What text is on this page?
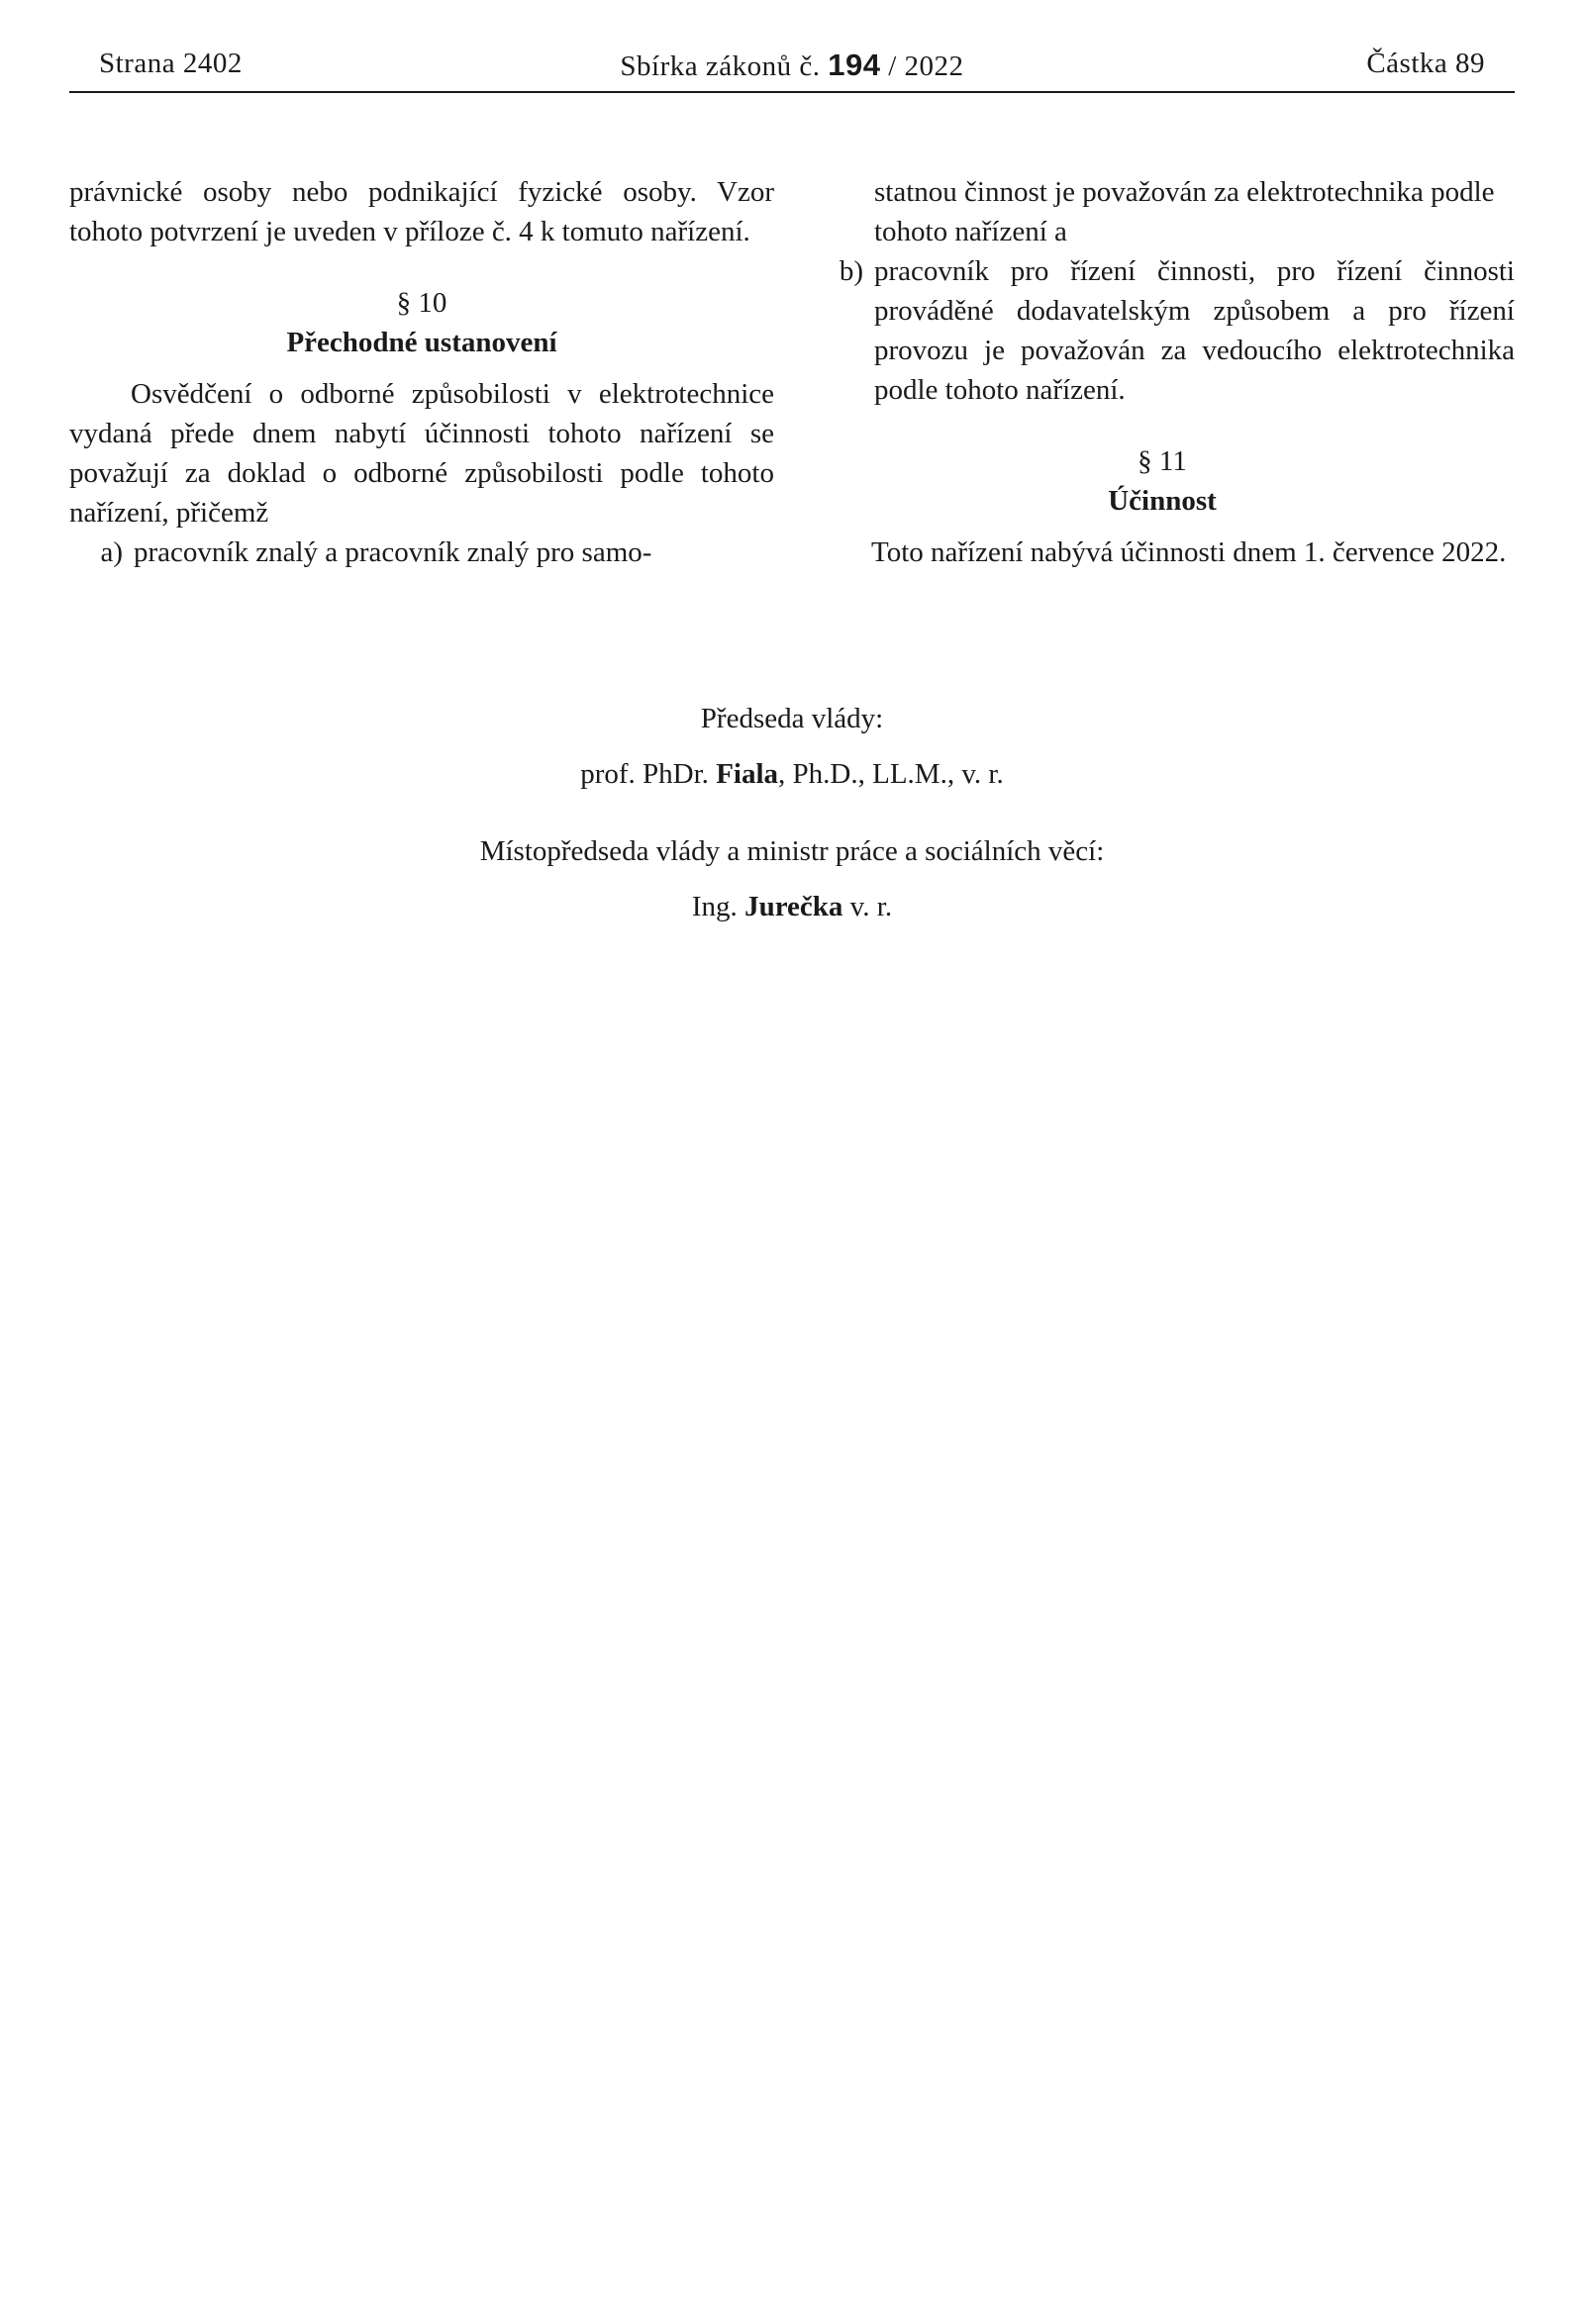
Strana 2402	Sbírka zákonů č. 194 / 2022	Částka 89

právnické osoby nebo podnikající fyzické osoby. Vzor tohoto potvrzení je uveden v příloze č. 4 k tomuto nařízení.

§ 10

Přechodné ustanovení

Osvědčení o odborné způsobilosti v elektrotechnice vydaná přede dnem nabytí účinnosti tohoto nařízení se považují za doklad o odborné způsobilosti podle tohoto nařízení, přičemž

a) pracovník znalý a pracovník znalý pro samo-

statnou činnost je považován za elektrotechnika podle tohoto nařízení a

b) pracovník pro řízení činnosti, pro řízení činnosti prováděné dodavatelským způsobem a pro řízení provozu je považován za vedoucího elektrotechnika podle tohoto nařízení.

§ 11

Účinnost

Toto nařízení nabývá účinnosti dnem 1. července 2022.

Předseda vlády:
prof. PhDr. Fiala, Ph.D., LL.M., v. r.
Místopředseda vlády a ministr práce a sociálních věcí:
Ing. Jurečka v. r.
